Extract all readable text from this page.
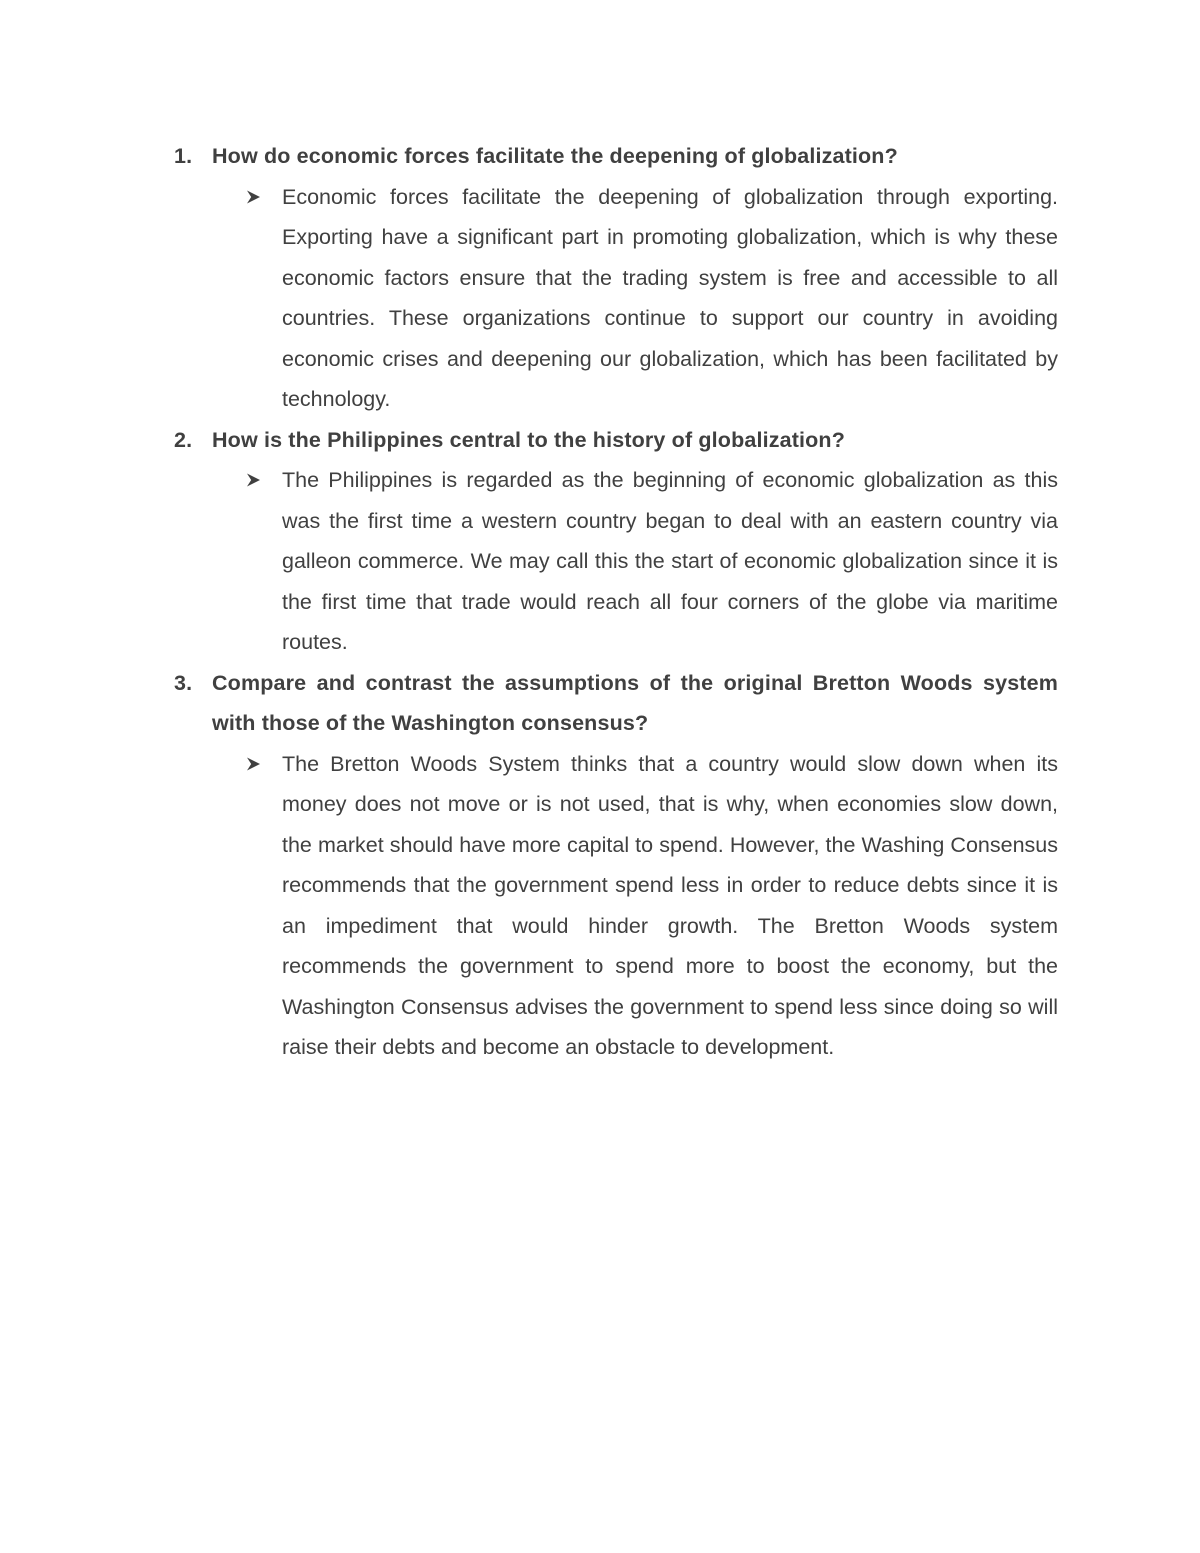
1. How do economic forces facilitate the deepening of globalization?
Economic forces facilitate the deepening of globalization through exporting. Exporting have a significant part in promoting globalization, which is why these economic factors ensure that the trading system is free and accessible to all countries. These organizations continue to support our country in avoiding economic crises and deepening our globalization, which has been facilitated by technology.
2. How is the Philippines central to the history of globalization?
The Philippines is regarded as the beginning of economic globalization as this was the first time a western country began to deal with an eastern country via galleon commerce. We may call this the start of economic globalization since it is the first time that trade would reach all four corners of the globe via maritime routes.
3. Compare and contrast the assumptions of the original Bretton Woods system with those of the Washington consensus?
The Bretton Woods System thinks that a country would slow down when its money does not move or is not used, that is why, when economies slow down, the market should have more capital to spend. However, the Washing Consensus recommends that the government spend less in order to reduce debts since it is an impediment that would hinder growth. The Bretton Woods system recommends the government to spend more to boost the economy, but the Washington Consensus advises the government to spend less since doing so will raise their debts and become an obstacle to development.
